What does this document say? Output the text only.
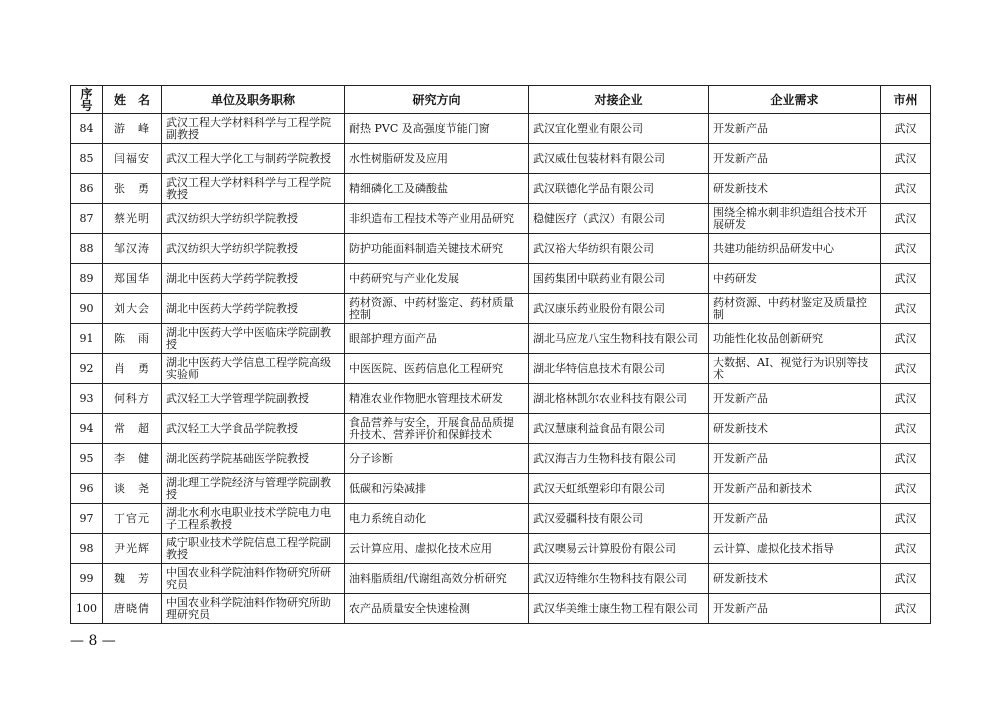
序号	姓　名	单位及职务职称	研究方向	对接企业	企业需求	市州
84	游　峰	武汉工程大学材料科学与工程学院副教授	耐热 PVC 及高强度节能门窗	武汉宜化塑业有限公司	开发新产品	武汉
85	闫福安	武汉工程大学化工与制药学院教授	水性树脂研发及应用	武汉威仕包装材料有限公司	开发新产品	武汉
86	张　勇	武汉工程大学材料科学与工程学院教授	精细磷化工及磷酸盐	武汉联德化学品有限公司	研发新技术	武汉
87	蔡光明	武汉纺织大学纺织学院教授	非织造布工程技术等产业用品研究	稳健医疗（武汉）有限公司	围绕全棉水刺非织造组合技术开展研发	武汉
88	邹汉涛	武汉纺织大学纺织学院教授	防护功能面料制造关键技术研究	武汉裕大华纺织有限公司	共建功能纺织品研发中心	武汉
89	郑国华	湖北中医药大学药学院教授	中药研究与产业化发展	国药集团中联药业有限公司	中药研发	武汉
90	刘大会	湖北中医药大学药学院教授	药材资源、中药材鉴定、药材质量控制	武汉康乐药业股份有限公司	药材资源、中药材鉴定及质量控制	武汉
91	陈　雨	湖北中医药大学中医临床学院副教授	眼部护理方面产品	湖北马应龙八宝生物科技有限公司	功能性化妆品创新研究	武汉
92	肖　勇	湖北中医药大学信息工程学院高级实验师	中医医院、医药信息化工程研究	湖北华特信息技术有限公司	大数据、AI、视觉行为识别等技术	武汉
93	何科方	武汉轻工大学管理学院副教授	精准农业作物肥水管理技术研发	湖北格林凯尔农业科技有限公司	开发新产品	武汉
94	常　超	武汉轻工大学食品学院教授	食品营养与安全，开展食品品质提升技术、营养评价和保鲜技术	武汉慧康利益食品有限公司	研发新技术	武汉
95	李　健	湖北医药学院基础医学院教授	分子诊断	武汉海吉力生物科技有限公司	开发新产品	武汉
96	谈　尧	湖北理工学院经济与管理学院副教授	低碳和污染减排	武汉天虹纸塑彩印有限公司	开发新产品和新技术	武汉
97	丁官元	湖北水利水电职业技术学院电力电子工程系教授	电力系统自动化	武汉爱疆科技有限公司	开发新产品	武汉
98	尹光辉	咸宁职业技术学院信息工程学院副教授	云计算应用、虚拟化技术应用	武汉噢易云计算股份有限公司	云计算、虚拟化技术指导	武汉
99	魏　芳	中国农业科学院油料作物研究所研究员	油料脂质组/代谢组高效分析研究	武汉迈特维尔生物科技有限公司	研发新技术	武汉
100	唐晓倩	中国农业科学院油料作物研究所助理研究员	农产品质量安全快速检测	武汉华美维士康生物工程有限公司	开发新产品	武汉
— 8 —
